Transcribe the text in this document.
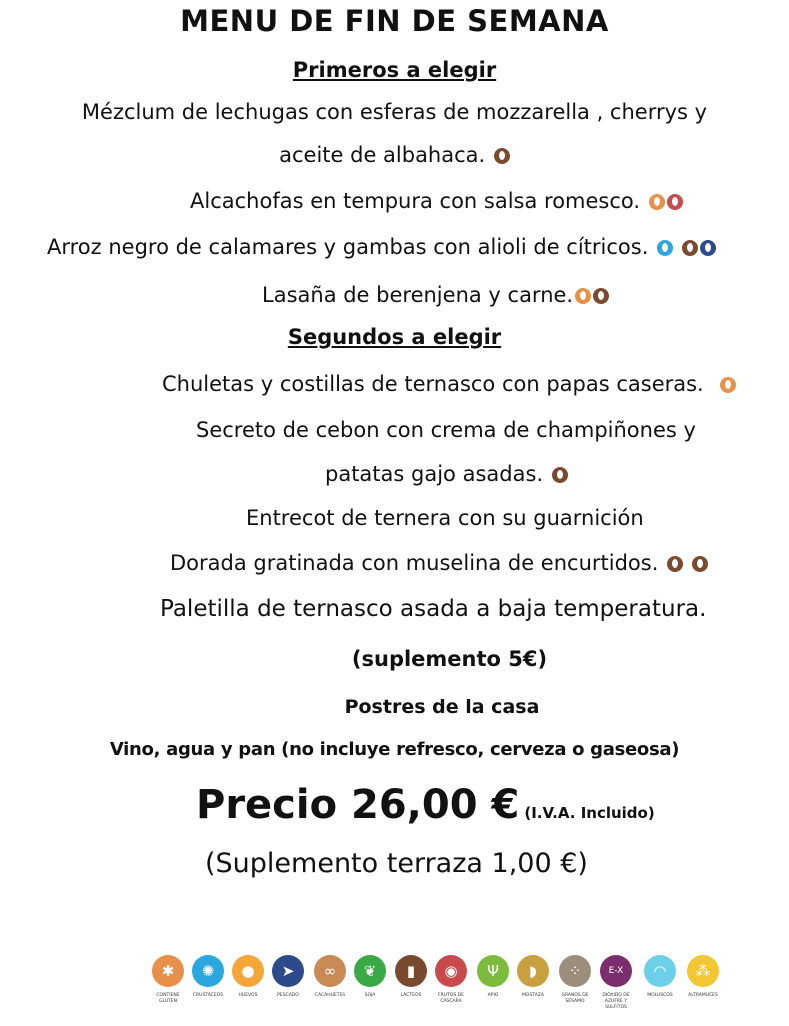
MENU DE FIN DE SEMANA
Primeros a elegir
Mézclum de lechugas con esferas de mozzarella , cherrys y
aceite de albahaca.
Alcachofas en tempura con salsa romesco.
Arroz negro de calamares y gambas con alioli de cítricos.
Lasaña de berenjena y carne.
Segundos a elegir
Chuletas y costillas de ternasco con papas caseras.
Secreto de cebon con crema de champiñones y
patatas gajo asadas.
Entrecot de ternera con su guarnición
Dorada gratinada con muselina de encurtidos.
Paletilla de ternasco asada a baja temperatura.
(suplemento 5€)
Postres de la casa
Vino, agua y pan (no incluye refresco, cerveza o gaseosa)
Precio 26,00 € (I.V.A. Incluido)
(Suplemento terraza 1,00 €)
✱
CONTIENE GLUTEN
✺
CRUSTÁCEOS
●
HUEVOS
➤
PESCADO
∞
CACAHUETES
❦
SOJA
▮
LÁCTEOS
◉
FRUTOS DE CÁSCARA
Ψ
APIO
◗
MOSTAZA
⁘
GRANOS DE SÉSAMO
E-X
DIÓXIDO DE AZUFRE Y SULFITOS
◠
MOLUSCOS
⁂
ALTRAMUCES
